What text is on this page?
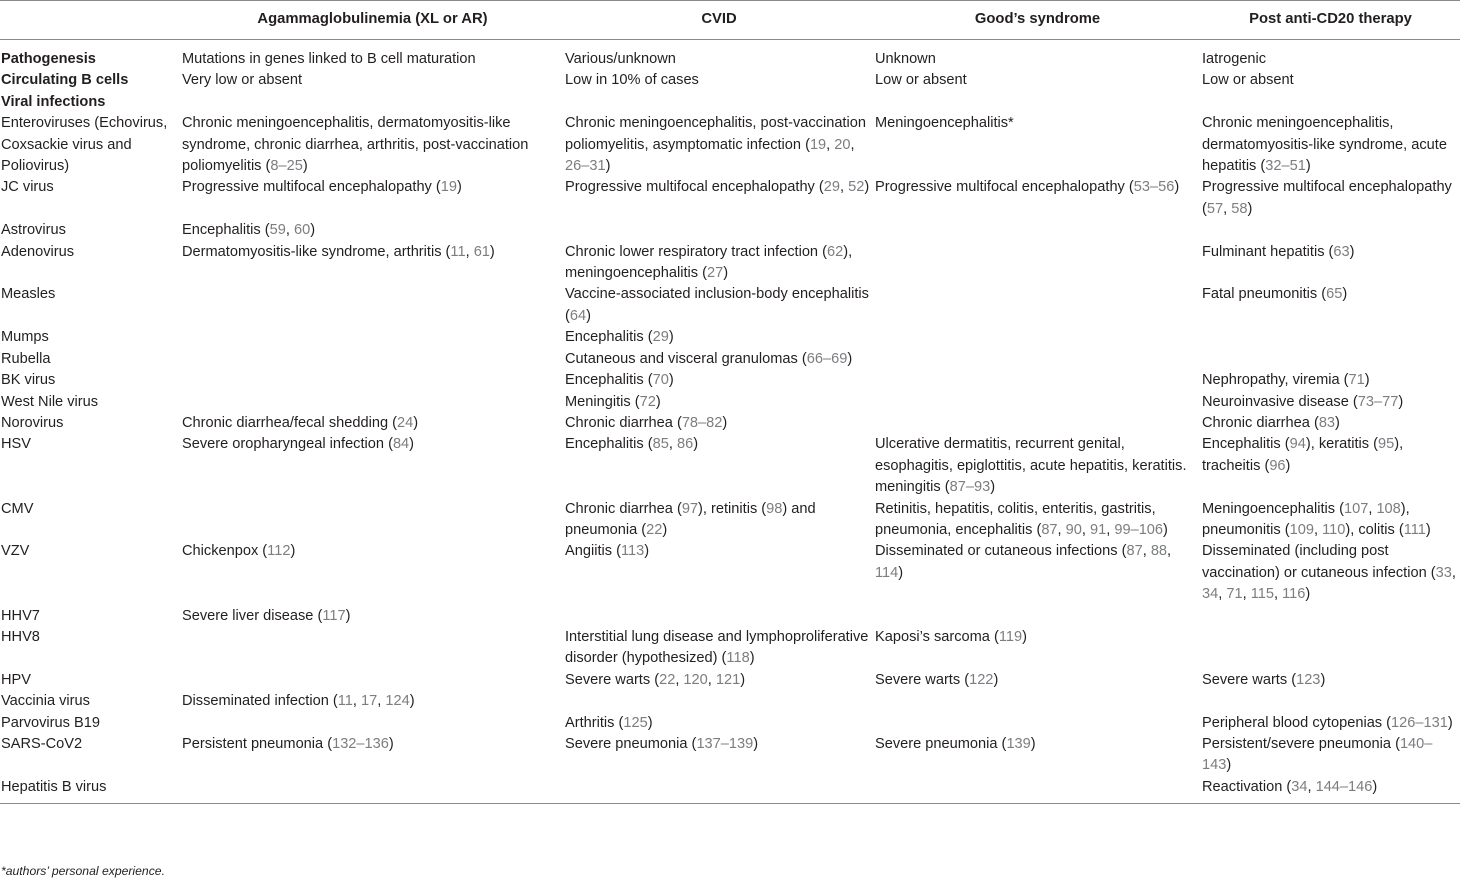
	Agammaglobulinemia (XL or AR)	CVID	Good’s syndrome	Post anti-CD20 therapy
Pathogenesis	Mutations in genes linked to B cell maturation	Various/unknown	Unknown	Iatrogenic
Circulating B cells	Very low or absent	Low in 10% of cases	Low or absent	Low or absent
Viral infections				
Enteroviruses (Echovirus, Coxsackie virus and Poliovirus)	Chronic meningoencephalitis, dermatomyositis-like syndrome, chronic diarrhea, arthritis, post-vaccination poliomyelitis (8–25)	Chronic meningoencephalitis, post-vaccination poliomyelitis, asymptomatic infection (19, 20, 26–31)	Meningoencephalitis*	Chronic meningoencephalitis, dermatomyositis-like syndrome, acute hepatitis (32–51)
JC virus	Progressive multifocal encephalopathy (19)	Progressive multifocal encephalopathy (29, 52)	Progressive multifocal encephalopathy (53–56)	Progressive multifocal encephalopathy (57, 58)
Astrovirus	Encephalitis (59, 60)			
Adenovirus	Dermatomyositis-like syndrome, arthritis (11, 61)	Chronic lower respiratory tract infection (62), meningoencephalitis (27)		Fulminant hepatitis (63)
Measles		Vaccine-associated inclusion-body encephalitis (64)		Fatal pneumonitis (65)
Mumps		Encephalitis (29)		
Rubella		Cutaneous and visceral granulomas (66–69)		
BK virus		Encephalitis (70)		Nephropathy, viremia (71)
West Nile virus		Meningitis (72)		Neuroinvasive disease (73–77)
Norovirus	Chronic diarrhea/fecal shedding (24)	Chronic diarrhea (78–82)		Chronic diarrhea (83)
HSV	Severe oropharyngeal infection (84)	Encephalitis (85, 86)	Ulcerative dermatitis, recurrent genital, esophagitis, epiglottitis, acute hepatitis, keratitis. meningitis (87–93)	Encephalitis (94), keratitis (95), tracheitis (96)
CMV		Chronic diarrhea (97), retinitis (98) and pneumonia (22)	Retinitis, hepatitis, colitis, enteritis, gastritis, pneumonia, encephalitis (87, 90, 91, 99–106)	Meningoencephalitis (107, 108), pneumonitis (109, 110), colitis (111)
VZV	Chickenpox (112)	Angiitis (113)	Disseminated or cutaneous infections (87, 88, 114)	Disseminated (including post vaccination) or cutaneous infection (33, 34, 71, 115, 116)
HHV7	Severe liver disease (117)			
HHV8		Interstitial lung disease and lymphoproliferative disorder (hypothesized) (118)	Kaposi’s sarcoma (119)	
HPV		Severe warts (22, 120, 121)	Severe warts (122)	Severe warts (123)
Vaccinia virus	Disseminated infection (11, 17, 124)			
Parvovirus B19		Arthritis (125)		Peripheral blood cytopenias (126–131)
SARS-CoV2	Persistent pneumonia (132–136)	Severe pneumonia (137–139)	Severe pneumonia (139)	Persistent/severe pneumonia (140–143)
Hepatitis B virus				Reactivation (34, 144–146)
*authors’ personal experience.
